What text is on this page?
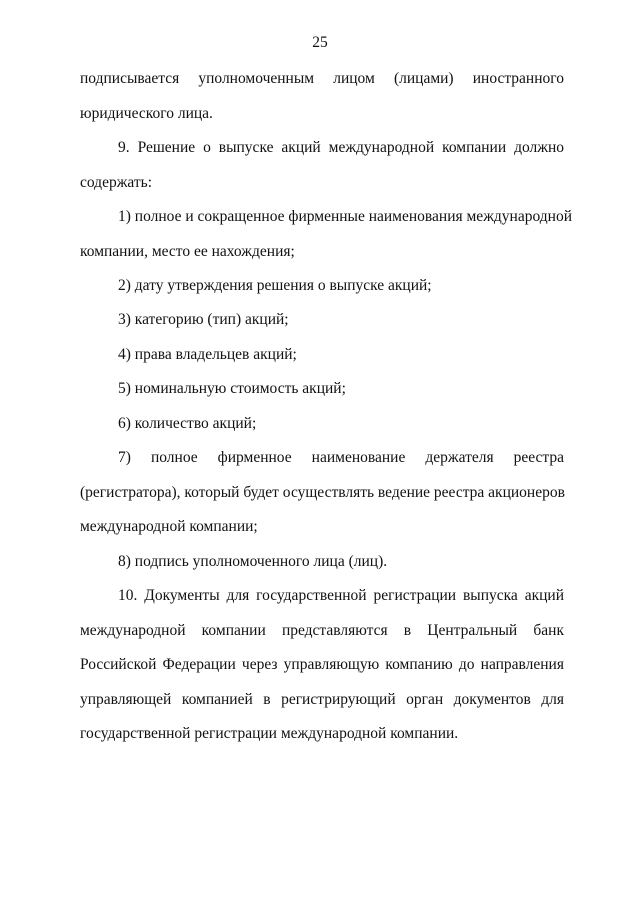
25
подписывается уполномоченным лицом (лицами) иностранного
юридического лица.
9. Решение о выпуске акций международной компании должно
содержать:
1) полное и сокращенное фирменные наименования международной
компании, место ее нахождения;
2) дату утверждения решения о выпуске акций;
3) категорию (тип) акций;
4) права владельцев акций;
5) номинальную стоимость акций;
6) количество акций;
7) полное фирменное наименование держателя реестра
(регистратора), который будет осуществлять ведение реестра акционеров
международной компании;
8) подпись уполномоченного лица (лиц).
10. Документы для государственной регистрации выпуска акций
международной компании представляются в Центральный банк
Российской Федерации через управляющую компанию до направления
управляющей компанией в регистрирующий орган документов для
государственной регистрации международной компании.
